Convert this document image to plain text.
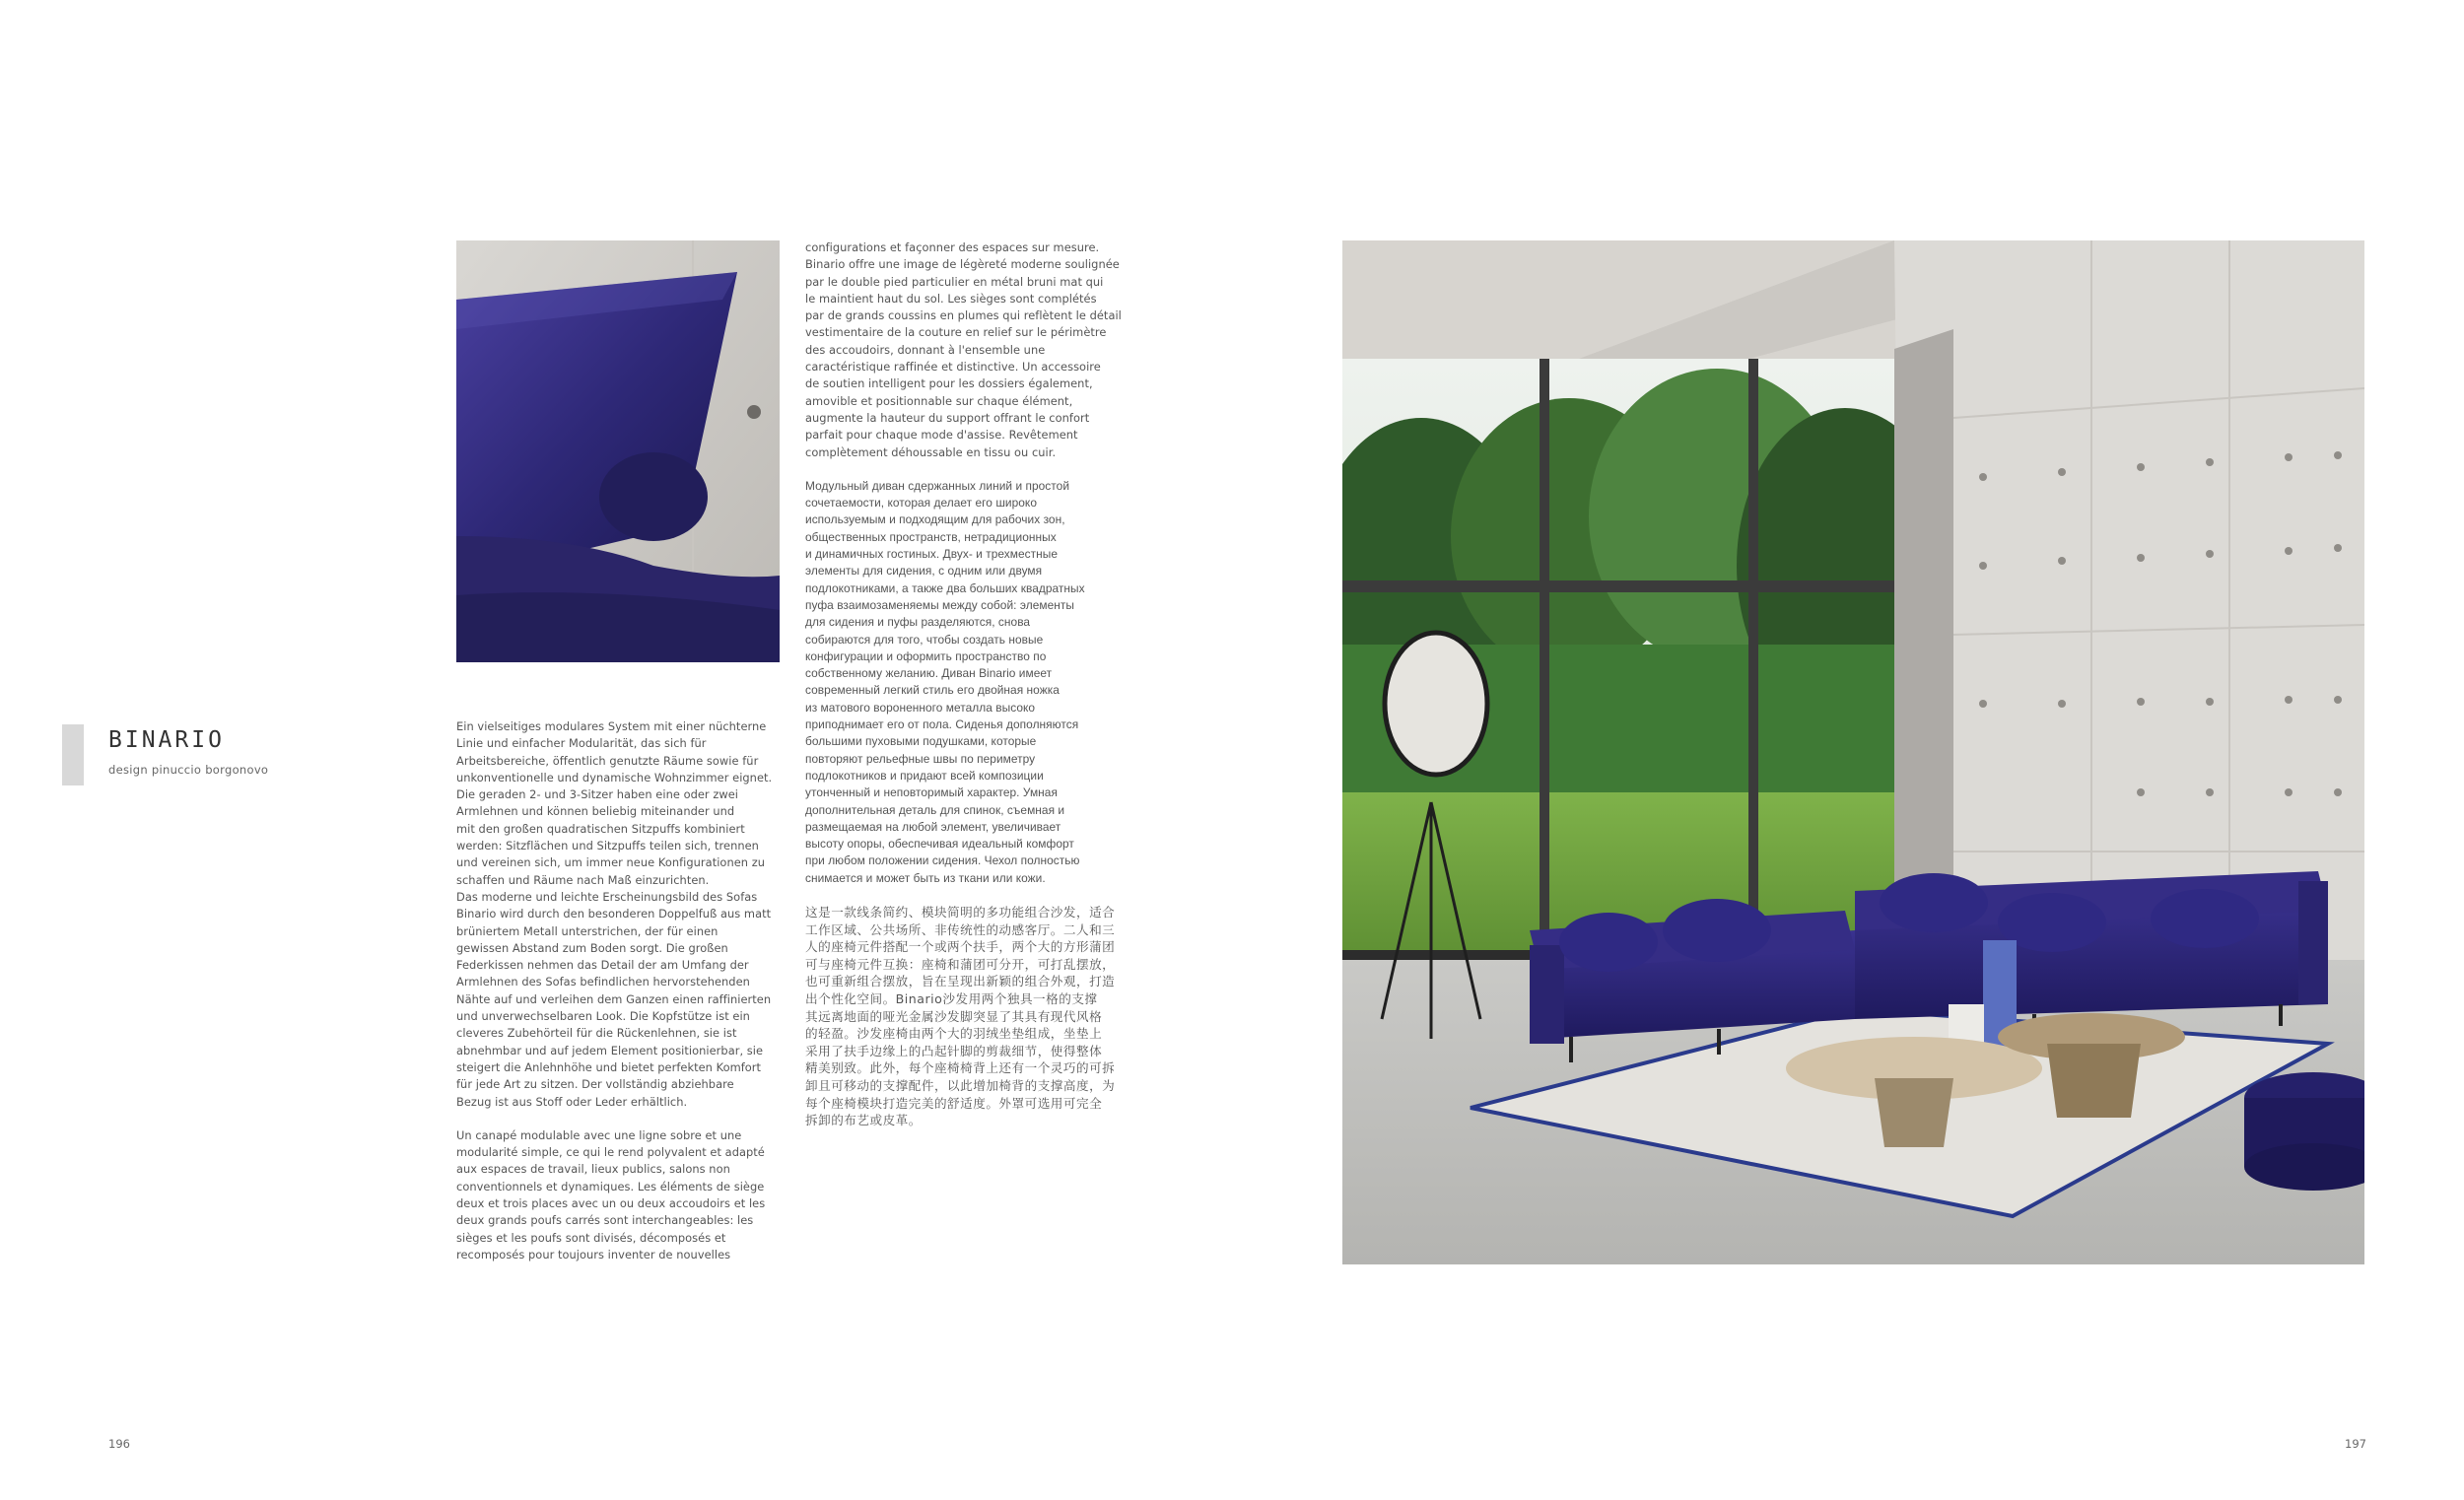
BINARIO
design pinuccio borgonovo

Ein vielseitiges modulares System mit einer nüchterne
Linie und einfacher Modularität, das sich für
Arbeitsbereiche, öffentlich genutzte Räume sowie für
unkonventionelle und dynamische Wohnzimmer eignet.
Die geraden 2- und 3-Sitzer haben eine oder zwei
Armlehnen und können beliebig miteinander und
mit den großen quadratischen Sitzpuffs kombiniert
werden: Sitzflächen und Sitzpuffs teilen sich, trennen
und vereinen sich, um immer neue Konfigurationen zu
schaffen und Räume nach Maß einzurichten.
Das moderne und leichte Erscheinungsbild des Sofas
Binario wird durch den besonderen Doppelfuß aus matt
brüniertem Metall unterstrichen, der für einen
gewissen Abstand zum Boden sorgt. Die großen
Federkissen nehmen das Detail der am Umfang der
Armlehnen des Sofas befindlichen hervorstehenden
Nähte auf und verleihen dem Ganzen einen raffinierten
und unverwechselbaren Look. Die Kopfstütze ist ein
cleveres Zubehörteil für die Rückenlehnen, sie ist
abnehmbar und auf jedem Element positionierbar, sie
steigert die Anlehnhöhe und bietet perfekten Komfort
für jede Art zu sitzen. Der vollständig abziehbare
Bezug ist aus Stoff oder Leder erhältlich.

Un canapé modulable avec une ligne sobre et une
modularité simple, ce qui le rend polyvalent et adapté
aux espaces de travail, lieux publics, salons non
conventionnels et dynamiques. Les éléments de siège
deux et trois places avec un ou deux accoudoirs et les
deux grands poufs carrés sont interchangeables: les
sièges et les poufs sont divisés, décomposés et
recomposés pour toujours inventer de nouvelles

configurations et façonner des espaces sur mesure.
Binario offre une image de légèreté moderne soulignée
par le double pied particulier en métal bruni mat qui
le maintient haut du sol. Les sièges sont complétés
par de grands coussins en plumes qui reflètent le détail
vestimentaire de la couture en relief sur le périmètre
des accoudoirs, donnant à l'ensemble une
caractéristique raffinée et distinctive. Un accessoire
de soutien intelligent pour les dossiers également,
amovible et positionnable sur chaque élément,
augmente la hauteur du support offrant le confort
parfait pour chaque mode d'assise. Revêtement
complètement déhoussable en tissu ou cuir.

Модульный диван сдержанных линий и простой
сочетаемости, которая делает его широко
используемым и подходящим для рабочих зон,
общественных пространств, нетрадиционных
и динамичных гостиных. Двух- и трехместные
элементы для сидения, с одним или двумя
подлокотниками, а также два больших квадратных
пуфа взаимозаменяемы между собой: элементы
для сидения и пуфы разделяются, снова
собираются для того, чтобы создать новые
конфигурации и оформить пространство по
собственному желанию. Диван Binario имеет
современный легкий стиль его двойная ножка
из матового вороненного металла высоко
приподнимает его от пола. Сиденья дополняются
большими пуховыми подушками, которые
повторяют рельефные швы по периметру
подлокотников и придают всей композиции
утонченный и неповторимый характер. Умная
дополнительная деталь для спинок, съемная и
размещаемая на любой элемент, увеличивает
высоту опоры, обеспечивая идеальный комфорт
при любом положении сидения. Чехол полностью
снимается и может быть из ткани или кожи.

这是一款线条简约、模块简明的多功能组合沙发，适合
工作区域、公共场所、非传统性的动感客厅。二人和三
人的座椅元件搭配一个或两个扶手，两个大的方形蒲团
可与座椅元件互换：座椅和蒲团可分开，可打乱摆放，
也可重新组合摆放，旨在呈现出新颖的组合外观，打造
出个性化空间。Binario沙发用两个独具一格的支撑
其远离地面的哑光金属沙发脚突显了其具有现代风格
的轻盈。沙发座椅由两个大的羽绒坐垫组成，坐垫上
采用了扶手边缘上的凸起针脚的剪裁细节，使得整体
精美别致。此外，每个座椅椅背上还有一个灵巧的可拆
卸且可移动的支撑配件，以此增加椅背的支撑高度，为
每个座椅模块打造完美的舒适度。外罩可选用可完全
拆卸的布艺或皮革。

196	197
